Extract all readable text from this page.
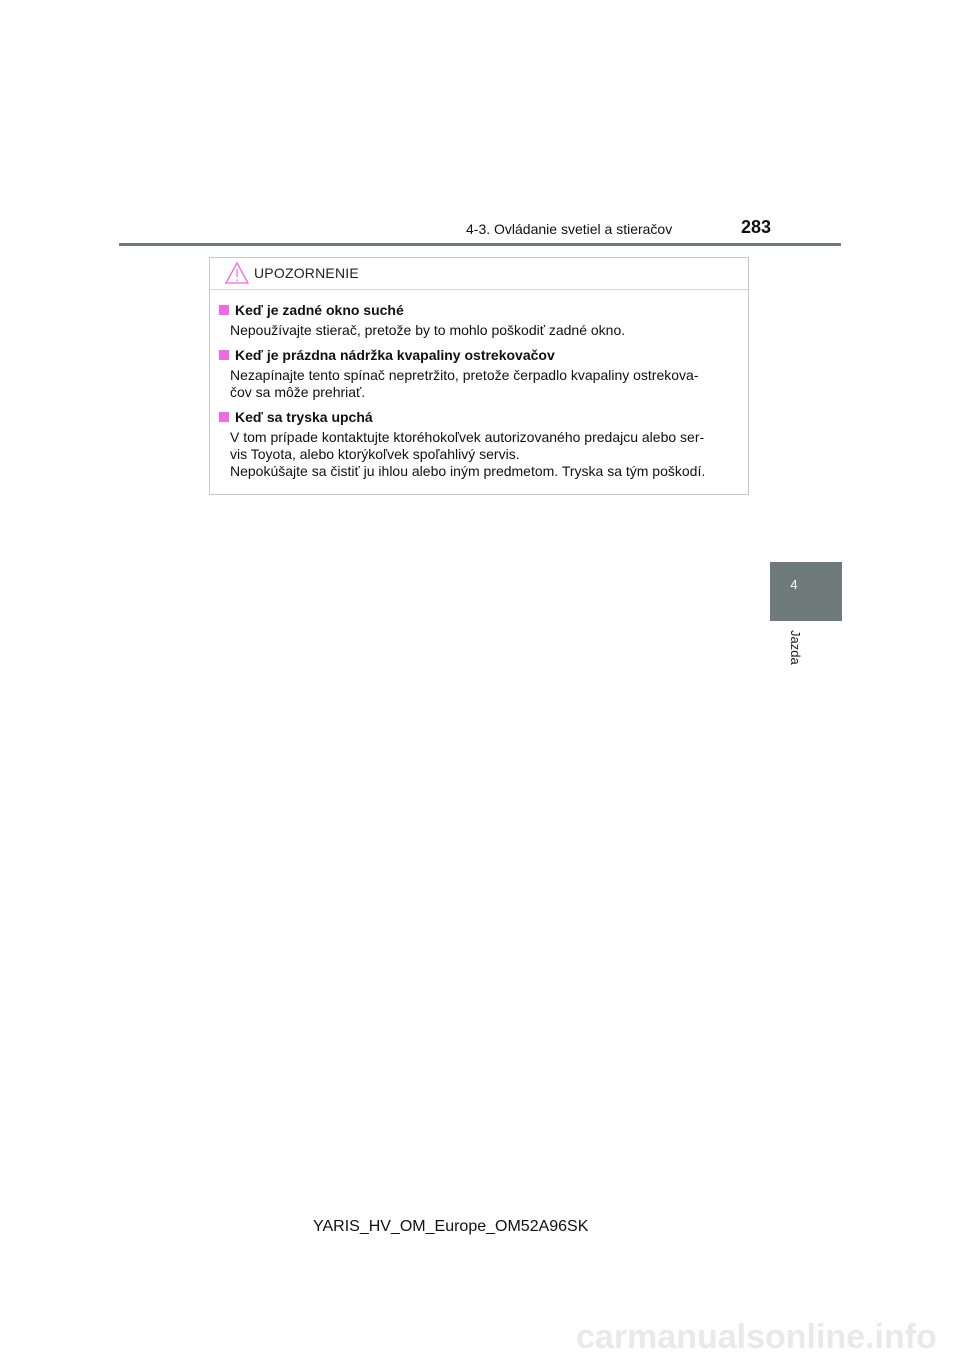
4-3. Ovládanie svetiel a stieračov	283
4
Jazda
UPOZORNENIE
Keď je zadné okno suché
Nepoužívajte stierač, pretože by to mohlo poškodiť zadné okno.
Keď je prázdna nádržka kvapaliny ostrekovačov
Nezapínajte tento spínač nepretržito, pretože čerpadlo kvapaliny ostrekova-
čov sa môže prehriať.
Keď sa tryska upchá
V tom prípade kontaktujte ktoréhokoľvek autorizovaného predajcu alebo ser-
vis Toyota, alebo ktorýkoľvek spoľahlivý servis.
Nepokúšajte sa čistiť ju ihlou alebo iným predmetom. Tryska sa tým poškodí.
YARIS_HV_OM_Europe_OM52A96SK
carmanualsonline.info
